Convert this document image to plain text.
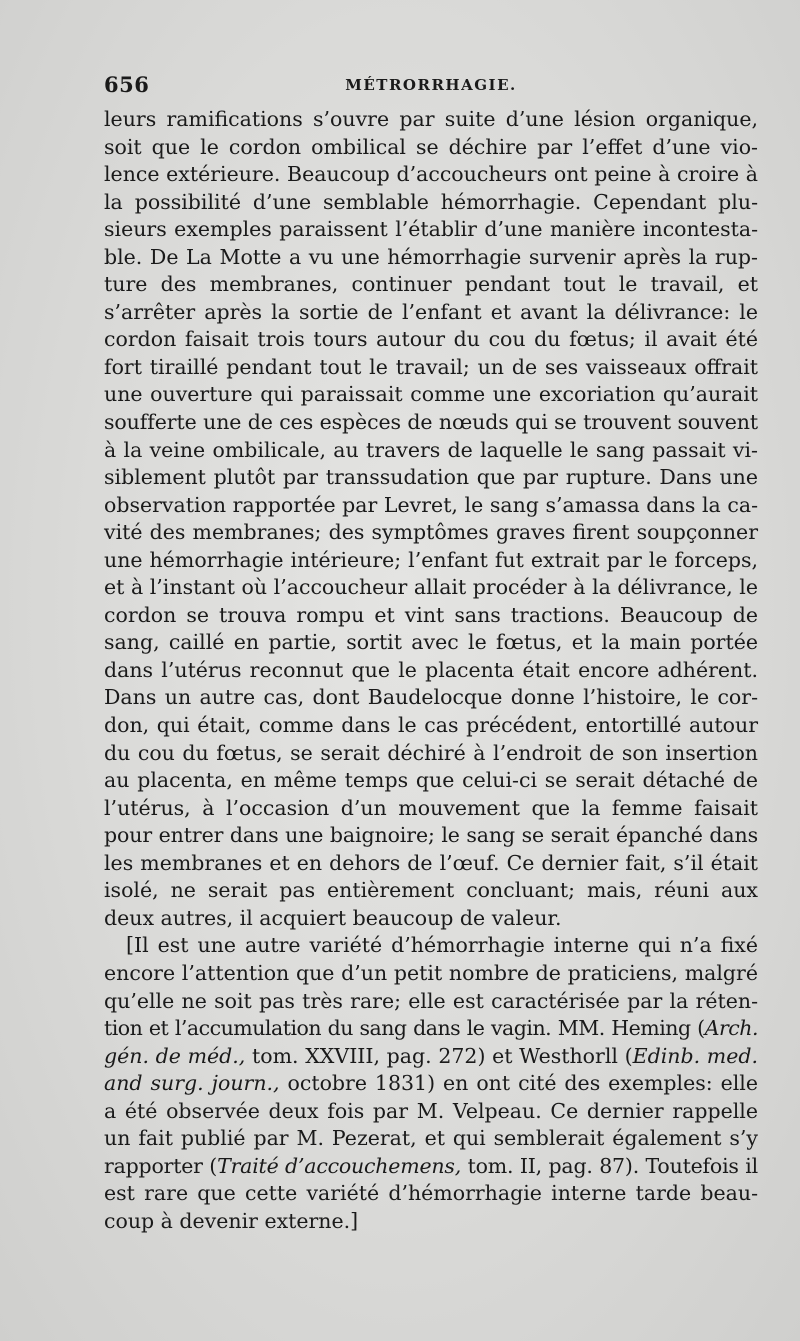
656	MÉTRORRHAGIE.
leurs ramifications s’ouvre par suite d’une lésion organique,
soit que le cordon ombilical se déchire par l’effet d’une vio-
lence extérieure. Beaucoup d’accoucheurs ont peine à croire à
la possibilité d’une semblable hémorrhagie. Cependant plu-
sieurs exemples paraissent l’établir d’une manière incontesta-
ble. De La Motte a vu une hémorrhagie survenir après la rup-
ture des membranes, continuer pendant tout le travail, et
s’arrêter après la sortie de l’enfant et avant la délivrance: le
cordon faisait trois tours autour du cou du fœtus; il avait été
fort tiraillé pendant tout le travail; un de ses vaisseaux offrait
une ouverture qui paraissait comme une excoriation qu’aurait
soufferte une de ces espèces de nœuds qui se trouvent souvent
à la veine ombilicale, au travers de laquelle le sang passait vi-
siblement plutôt par transsudation que par rupture. Dans une
observation rapportée par Levret, le sang s’amassa dans la ca-
vité des membranes; des symptômes graves firent soupçonner
une hémorrhagie intérieure; l’enfant fut extrait par le forceps,
et à l’instant où l’accoucheur allait procéder à la délivrance, le
cordon se trouva rompu et vint sans tractions. Beaucoup de
sang, caillé en partie, sortit avec le fœtus, et la main portée
dans l’utérus reconnut que le placenta était encore adhérent.
Dans un autre cas, dont Baudelocque donne l’histoire, le cor-
don, qui était, comme dans le cas précédent, entortillé autour
du cou du fœtus, se serait déchiré à l’endroit de son insertion
au placenta, en même temps que celui-ci se serait détaché de
l’utérus, à l’occasion d’un mouvement que la femme faisait
pour entrer dans une baignoire; le sang se serait épanché dans
les membranes et en dehors de l’œuf. Ce dernier fait, s’il était
isolé, ne serait pas entièrement concluant; mais, réuni aux
deux autres, il acquiert beaucoup de valeur.
[Il est une autre variété d’hémorrhagie interne qui n’a fixé
encore l’attention que d’un petit nombre de praticiens, malgré
qu’elle ne soit pas très rare; elle est caractérisée par la réten-
tion et l’accumulation du sang dans le vagin. MM. Heming (Arch.
gén. de méd., tom. XXVIII, pag. 272) et Westhorll (Edinb. med.
and surg. journ., octobre 1831) en ont cité des exemples: elle
a été observée deux fois par M. Velpeau. Ce dernier rappelle
un fait publié par M. Pezerat, et qui semblerait également s’y
rapporter (Traité d’accouchemens, tom. II, pag. 87). Toutefois il
est rare que cette variété d’hémorrhagie interne tarde beau-
coup à devenir externe.]
